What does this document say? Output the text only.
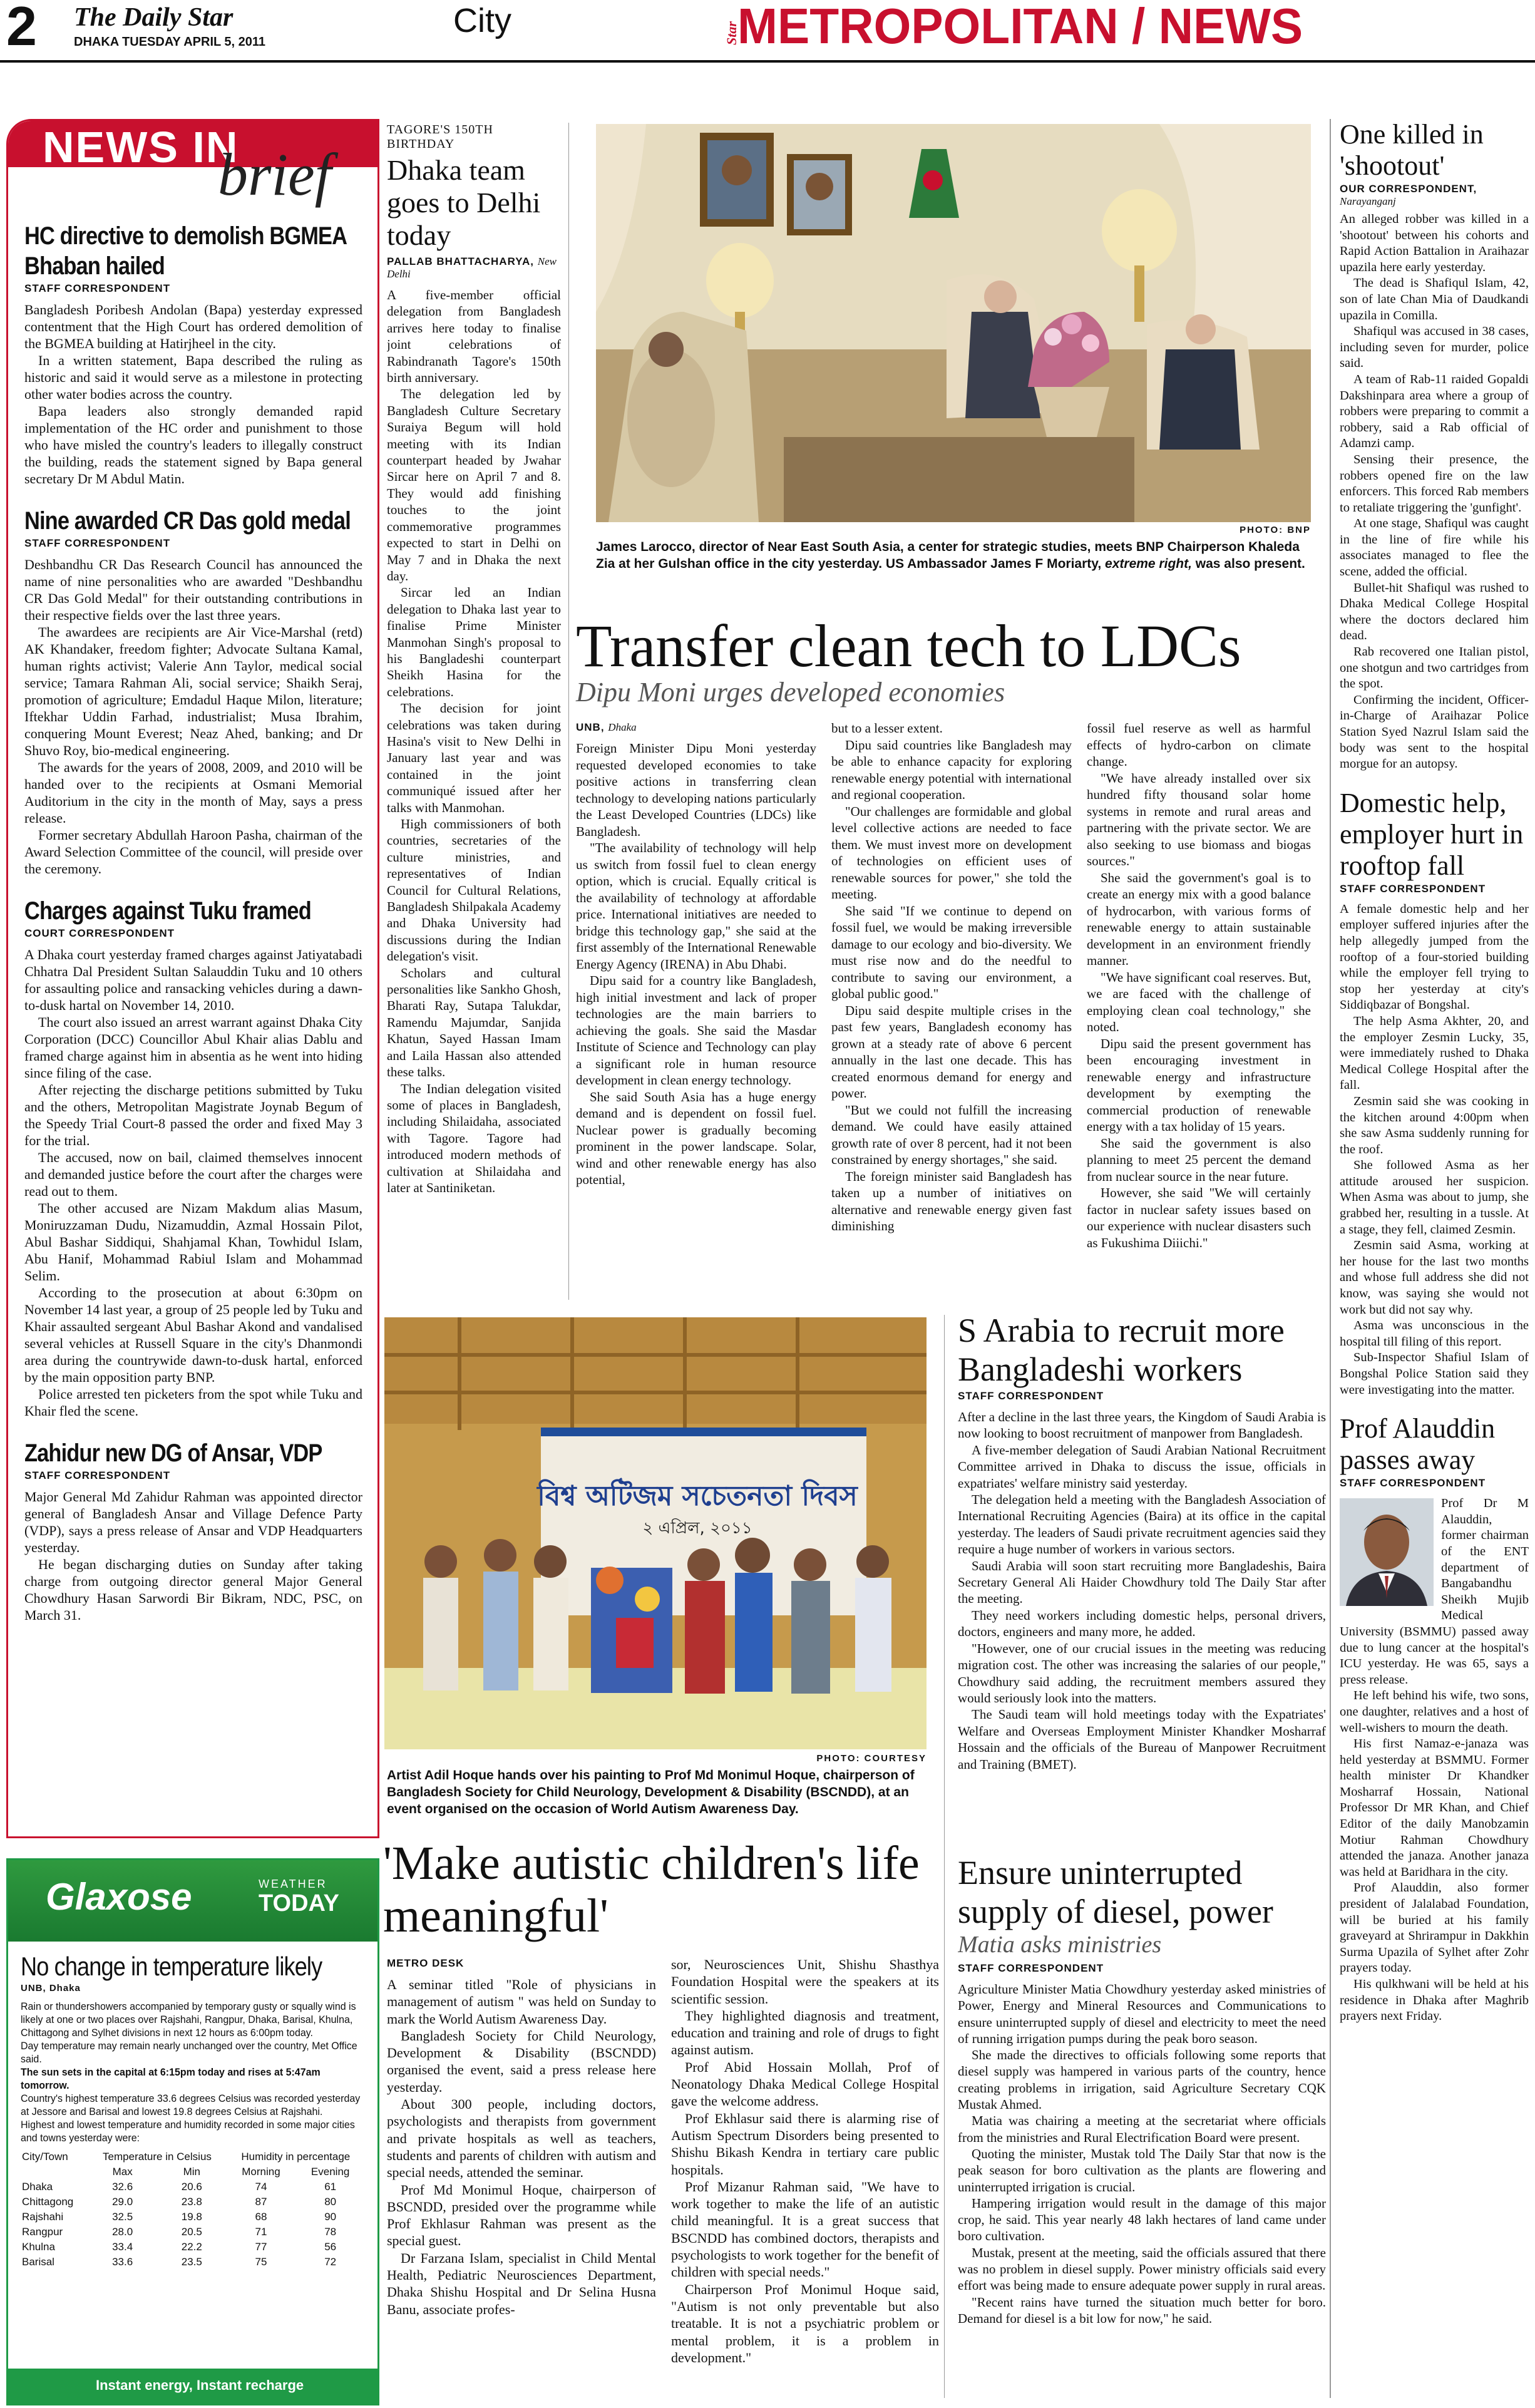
2 The Daily Star
DHAKA TUESDAY APRIL 5, 2011
City	Star
METROPOLITAN / NEWS
NEWS IN
brief
HC directive to demolish BGMEA
Bhaban hailed
STAFF CORRESPONDENT

Bangladesh Poribesh Andolan (Bapa) yesterday expressed contentment that the High Court has ordered demolition of the BGMEA building at Hatirjheel in the city.

In a written statement, Bapa described the ruling as historic and said it would serve as a milestone in protecting other water bodies across the country.

Bapa leaders also strongly demanded rapid implementation of the HC order and punishment to those who have misled the country's leaders to illegally construct the building, reads the statement signed by Bapa general secretary Dr M Abdul Matin.

Nine awarded CR Das gold medal
STAFF CORRESPONDENT

Deshbandhu CR Das Research Council has announced the name of nine personalities who are awarded "Deshbandhu CR Das Gold Medal" for their outstanding contributions in their respective fields over the last three years.

The awardees are recipients are Air Vice-Marshal (retd) AK Khandaker, freedom fighter; Advocate Sultana Kamal, human rights activist; Valerie Ann Taylor, medical social service; Tamara Rahman Ali, social service; Shaikh Seraj, promotion of agriculture; Emdadul Haque Milon, literature; Iftekhar Uddin Farhad, industrialist; Musa Ibrahim, conquering Mount Everest; Neaz Ahed, banking; and Dr Shuvo Roy, bio-medical engineering.

The awards for the years of 2008, 2009, and 2010 will be handed over to the recipients at Osmani Memorial Auditorium in the city in the month of May, says a press release.

Former secretary Abdullah Haroon Pasha, chairman of the Award Selection Committee of the council, will preside over the ceremony.

Charges against Tuku framed
COURT CORRESPONDENT

A Dhaka court yesterday framed charges against Jatiyatabadi Chhatra Dal President Sultan Salauddin Tuku and 10 others for assaulting police and ransacking vehicles during a dawn-to-dusk hartal on November 14, 2010.

The court also issued an arrest warrant against Dhaka City Corporation (DCC) Councillor Abul Khair alias Dablu and framed charge against him in absentia as he went into hiding since filing of the case.

After rejecting the discharge petitions submitted by Tuku and the others, Metropolitan Magistrate Joynab Begum of the Speedy Trial Court-8 passed the order and fixed May 3 for the trial.

The accused, now on bail, claimed themselves innocent and demanded justice before the court after the charges were read out to them.

The other accused are Nizam Makdum alias Masum, Moniruzzaman Dudu, Nizamuddin, Azmal Hossain Pilot, Abul Bashar Siddiqui, Shahjamal Khan, Towhidul Islam, Abu Hanif, Mohammad Rabiul Islam and Mohammad Selim.

According to the prosecution at about 6:30pm on November 14 last year, a group of 25 people led by Tuku and Khair assaulted sergeant Abul Bashar Akond and vandalised several vehicles at Russell Square in the city's Dhanmondi area during the countrywide dawn-to-dusk hartal, enforced by the main opposition party BNP.

Police arrested ten picketers from the spot while Tuku and Khair fled the scene.

Zahidur new DG of Ansar, VDP
STAFF CORRESPONDENT

Major General Md Zahidur Rahman was appointed director general of Bangladesh Ansar and Village Defence Party (VDP), says a press release of Ansar and VDP Headquarters yesterday.

He began discharging duties on Sunday after taking charge from outgoing director general Major General Chowdhury Hasan Sarwordi Bir Bikram, NDC, PSC, on March 31.

Glaxose	WEATHER
TODAY
No change in temperature likely
UNB, Dhaka
Rain or thundershowers accompanied by temporary gusty or squally wind is likely at one or two places over Rajshahi, Rangpur, Dhaka, Barisal, Khulna, Chittagong and Sylhet divisions in next 12 hours as 6:00pm today.
Day temperature may remain nearly unchanged over the country, Met Office said.
The sun sets in the capital at 6:15pm today and rises at 5:47am tomorrow.
Country's highest temperature 33.6 degrees Celsius was recorded yesterday at Jessore and Barisal and lowest 19.8 degrees Celsius at Rajshahi.
Highest and lowest temperature and humidity recorded in some major cities and towns yesterday were:
City/Town	Temperature in Celsius		Humidity in percentage	
	Max	Min	Morning	Evening
Dhaka	32.6	20.6	74	61
Chittagong	29.0	23.8	87	80
Rajshahi	32.5	19.8	68	90
Rangpur	28.0	20.5	71	78
Khulna	33.4	22.2	77	56
Barisal	33.6	23.5	75	72
Instant energy, Instant recharge
TAGORE'S 150TH BIRTHDAY
Dhaka team goes to Delhi today
PALLAB BHATTACHARYA, New Delhi

A five-member official delegation from Bangladesh arrives here today to finalise joint celebrations of Rabindranath Tagore's 150th birth anniversary.

The delegation led by Bangladesh Culture Secretary Suraiya Begum will hold meeting with its Indian counterpart headed by Jwahar Sircar here on April 7 and 8. They would add finishing touches to the joint commemorative programmes expected to start in Delhi on May 7 and in Dhaka the next day.

Sircar led an Indian delegation to Dhaka last year to finalise Prime Minister Manmohan Singh's proposal to his Bangladeshi counterpart Sheikh Hasina for the celebrations.

The decision for joint celebrations was taken during Hasina's visit to New Delhi in January last year and was contained in the joint communiqué issued after her talks with Manmohan.

High commissioners of both countries, secretaries of the culture ministries, and representatives of Indian Council for Cultural Relations, Bangladesh Shilpakala Academy and Dhaka University had discussions during the Indian delegation's visit.

Scholars and cultural personalities like Sankho Ghosh, Bharati Ray, Sutapa Talukdar, Ramendu Majumdar, Sanjida Khatun, Sayed Hassan Imam and Laila Hassan also attended these talks.

The Indian delegation visited some of places in Bangladesh, including Shilaidaha, associated with Tagore. Tagore had introduced modern methods of cultivation at Shilaidaha and later at Santiniketan.

PHOTO: BNP
James Larocco, director of Near East South Asia, a center for strategic studies, meets BNP Chairperson Khaleda Zia at her Gulshan office in the city yesterday. US Ambassador James F Moriarty, extreme right, was also present.
Transfer clean tech to LDCs
Dipu Moni urges developed economies
UNB, Dhaka

Foreign Minister Dipu Moni yesterday requested developed economies to take positive actions in transferring clean technology to developing nations particularly the Least Developed Countries (LDCs) like Bangladesh.

"The availability of technology will help us switch from fossil fuel to clean energy option, which is crucial. Equally critical is the availability of technology at affordable price. International initiatives are needed to bridge this technology gap," she said at the first assembly of the International Renewable Energy Agency (IRENA) in Abu Dhabi.

Dipu said for a country like Bangladesh, high initial investment and lack of proper technologies are the main barriers to achieving the goals. She said the Masdar Institute of Science and Technology can play a significant role in human resource development in clean energy technology.

She said South Asia has a huge energy demand and is dependent on fossil fuel. Nuclear power is gradually becoming prominent in the power landscape. Solar, wind and other renewable energy has also potential,

but to a lesser extent.

Dipu said countries like Bangladesh may be able to enhance capacity for exploring renewable energy potential with international and regional cooperation.

"Our challenges are formidable and global level collective actions are needed to face them. We must invest more on development of technologies on efficient uses of renewable sources for power," she told the meeting.

She said "If we continue to depend on fossil fuel, we would be making irreversible damage to our ecology and bio-diversity. We must rise now and do the needful to contribute to saving our environment, a global public good."

Dipu said despite multiple crises in the past few years, Bangladesh economy has grown at a steady rate of above 6 percent annually in the last one decade. This has created enormous demand for energy and power.

"But we could not fulfill the increasing demand. We could have easily attained growth rate of over 8 percent, had it not been constrained by energy shortages," she said.

The foreign minister said Bangladesh has taken up a number of initiatives on alternative and renewable energy given fast diminishing

fossil fuel reserve as well as harmful effects of hydro-carbon on climate change.

"We have already installed over six hundred fifty thousand solar home systems in remote and rural areas and partnering with the private sector. We are also seeking to use biomass and biogas sources."

She said the government's goal is to create an energy mix with a good balance of hydrocarbon, with various forms of renewable energy to attain sustainable development in an environment friendly manner.

"We have significant coal reserves. But, we are faced with the challenge of employing clean coal technology," she noted.

Dipu said the present government has been encouraging investment in renewable energy and infrastructure development by exempting the commercial production of renewable energy with a tax holiday of 15 years.

She said the government is also planning to meet 25 percent the demand from nuclear source in the near future.

However, she said "We will certainly factor in nuclear safety issues based on our experience with nuclear disasters such as Fukushima Diiichi."

বিশ্ব অটিজম সচেতনতা দিবস
২ এপ্রিল, ২০১১
PHOTO: COURTESY
Artist Adil Hoque hands over his painting to Prof Md Monimul Hoque, chairperson of Bangladesh Society for Child Neurology, Development & Disability (BSCNDD), at an event organised on the occasion of World Autism Awareness Day.
'Make autistic children's life meaningful'
METRO DESK

A seminar titled "Role of physicians in management of autism " was held on Sunday to mark the World Autism Awareness Day.

Bangladesh Society for Child Neurology, Development & Disability (BSCNDD) organised the event, said a press release here yesterday.

About 300 people, including doctors, psychologists and therapists from government and private hospitals as well as teachers, students and parents of children with autism and special needs, attended the seminar.

Prof Md Monimul Hoque, chairperson of BSCNDD, presided over the programme while Prof Ekhlasur Rahman was present as the special guest.

Dr Farzana Islam, specialist in Child Mental Health, Pediatric Neurosciences Department, Dhaka Shishu Hospital and Dr Selina Husna Banu, associate profes-

sor, Neurosciences Unit, Shishu Shasthya Foundation Hospital were the speakers at its scientific session.

They highlighted diagnosis and treatment, education and training and role of drugs to fight against autism.

Prof Abid Hossain Mollah, Prof of Neonatology Dhaka Medical College Hospital gave the welcome address.

Prof Ekhlasur said there is alarming rise of Autism Spectrum Disorders being presented to Shishu Bikash Kendra in tertiary care public hospitals.

Prof Mizanur Rahman said, "We have to work together to make the life of an autistic child meaningful. It is a great success that BSCNDD has combined doctors, therapists and psychologists to work together for the benefit of children with special needs."

Chairperson Prof Monimul Hoque said, "Autism is not only preventable but also treatable. It is not a psychiatric problem or mental problem, it is a problem in development."

S Arabia to recruit more Bangladeshi workers
STAFF CORRESPONDENT

After a decline in the last three years, the Kingdom of Saudi Arabia is now looking to boost recruitment of manpower from Bangladesh.

A five-member delegation of Saudi Arabian National Recruitment Committee arrived in Dhaka to discuss the issue, officials in expatriates' welfare ministry said yesterday.

The delegation held a meeting with the Bangladesh Association of International Recruiting Agencies (Baira) at its office in the capital yesterday. The leaders of Saudi private recruitment agencies said they require a huge number of workers in various sectors.

Saudi Arabia will soon start recruiting more Bangladeshis, Baira Secretary General Ali Haider Chowdhury told The Daily Star after the meeting.

They need workers including domestic helps, personal drivers, doctors, engineers and many more, he added.

"However, one of our crucial issues in the meeting was reducing migration cost. The other was increasing the salaries of our people," Chowdhury said adding, the recruitment members assured they would seriously look into the matters.

The Saudi team will hold meetings today with the Expatriates' Welfare and Overseas Employment Minister Khandker Mosharraf Hossain and the officials of the Bureau of Manpower Recruitment and Training (BMET).

Ensure uninterrupted supply of diesel, power
Matia asks ministries
STAFF CORRESPONDENT

Agriculture Minister Matia Chowdhury yesterday asked ministries of Power, Energy and Mineral Resources and Communications to ensure uninterrupted supply of diesel and electricity to meet the need of running irrigation pumps during the peak boro season.

She made the directives to officials following some reports that diesel supply was hampered in various parts of the country, hence creating problems in irrigation, said Agriculture Secretary CQK Mustak Ahmed.

Matia was chairing a meeting at the secretariat where officials from the ministries and Rural Electrification Board were present.

Quoting the minister, Mustak told The Daily Star that now is the peak season for boro cultivation as the plants are flowering and uninterrupted irrigation is crucial.

Hampering irrigation would result in the damage of this major crop, he said. This year nearly 48 lakh hectares of land came under boro cultivation.

Mustak, present at the meeting, said the officials assured that there was no problem in diesel supply. Power ministry officials said every effort was being made to ensure adequate power supply in rural areas.

"Recent rains have turned the situation much better for boro. Demand for diesel is a bit low for now," he said.

One killed in 'shootout'
OUR CORRESPONDENT, Narayanganj

An alleged robber was killed in a 'shootout' between his cohorts and Rapid Action Battalion in Araihazar upazila here early yesterday.

The dead is Shafiqul Islam, 42, son of late Chan Mia of Daudkandi upazila in Comilla.

Shafiqul was accused in 38 cases, including seven for murder, police said.

A team of Rab-11 raided Gopaldi Dakshinpara area where a group of robbers were preparing to commit a robbery, said a Rab official of Adamzi camp.

Sensing their presence, the robbers opened fire on the law enforcers. This forced Rab members to retaliate triggering the 'gunfight'.

At one stage, Shafiqul was caught in the line of fire while his associates managed to flee the scene, added the official.

Bullet-hit Shafiqul was rushed to Dhaka Medical College Hospital where the doctors declared him dead.

Rab recovered one Italian pistol, one shotgun and two cartridges from the spot.

Confirming the incident, Officer-in-Charge of Araihazar Police Station Syed Nazrul Islam said the body was sent to the hospital morgue for an autopsy.

Domestic help, employer hurt in rooftop fall
STAFF CORRESPONDENT

A female domestic help and her employer suffered injuries after the help allegedly jumped from the rooftop of a four-storied building while the employer fell trying to stop her yesterday at city's Siddiqbazar of Bongshal.

The help Asma Akhter, 20, and the employer Zesmin Lucky, 35, were immediately rushed to Dhaka Medical College Hospital after the fall.

Zesmin said she was cooking in the kitchen around 4:00pm when she saw Asma suddenly running for the roof.

She followed Asma as her attitude aroused her suspicion. When Asma was about to jump, she grabbed her, resulting in a tussle. At a stage, they fell, claimed Zesmin.

Zesmin said Asma, working at her house for the last two months and whose full address she did not know, was saying she would not work but did not say why.

Asma was unconscious in the hospital till filing of this report.

Sub-Inspector Shafiul Islam of Bongshal Police Station said they were investigating into the matter.

Prof Alauddin passes away
STAFF CORRESPONDENT

Prof Dr M Alauddin, former chairman of the ENT department of Bangabandhu Sheikh Mujib Medical University (BSMMU) passed away due to lung cancer at the hospital's ICU yesterday. He was 65, says a press release.

He left behind his wife, two sons, one daughter, relatives and a host of well-wishers to mourn the death.

His first Namaz-e-janaza was held yesterday at BSMMU. Former health minister Dr Khandker Mosharraf Hossain, National Professor Dr MR Khan, and Chief Editor of the daily Manobzamin Motiur Rahman Chowdhury attended the janaza. Another janaza was held at Baridhara in the city.

Prof Alauddin, also former president of Jalalabad Foundation, will be buried at his family graveyard at Shrirampur in Dakkhin Surma Upazila of Sylhet after Zohr prayers today.

His qulkhwani will be held at his residence in Dhaka after Maghrib prayers next Friday.
